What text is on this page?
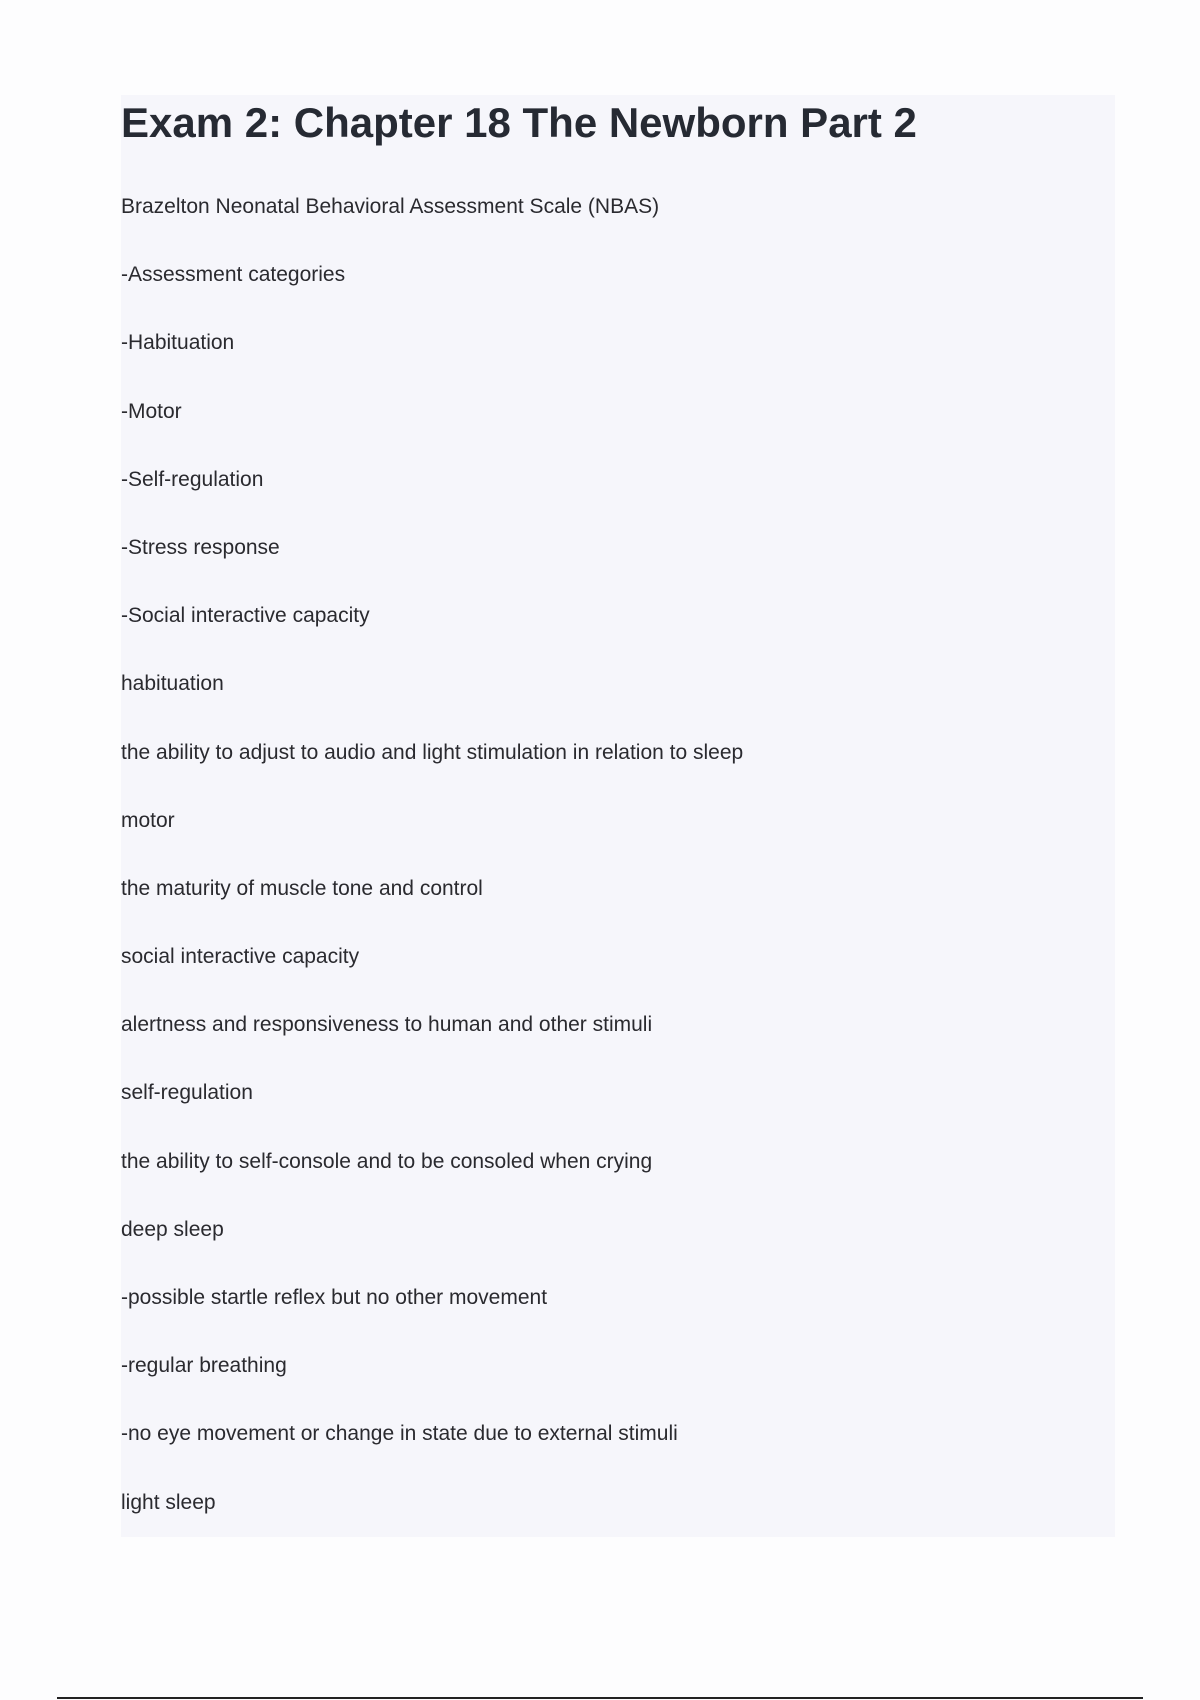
Exam 2: Chapter 18 The Newborn Part 2
Brazelton Neonatal Behavioral Assessment Scale (NBAS)
-Assessment categories
-Habituation
-Motor
-Self-regulation
-Stress response
-Social interactive capacity
habituation
the ability to adjust to audio and light stimulation in relation to sleep
motor
the maturity of muscle tone and control
social interactive capacity
alertness and responsiveness to human and other stimuli
self-regulation
the ability to self-console and to be consoled when crying
deep sleep
-possible startle reflex but no other movement
-regular breathing
-no eye movement or change in state due to external stimuli
light sleep
